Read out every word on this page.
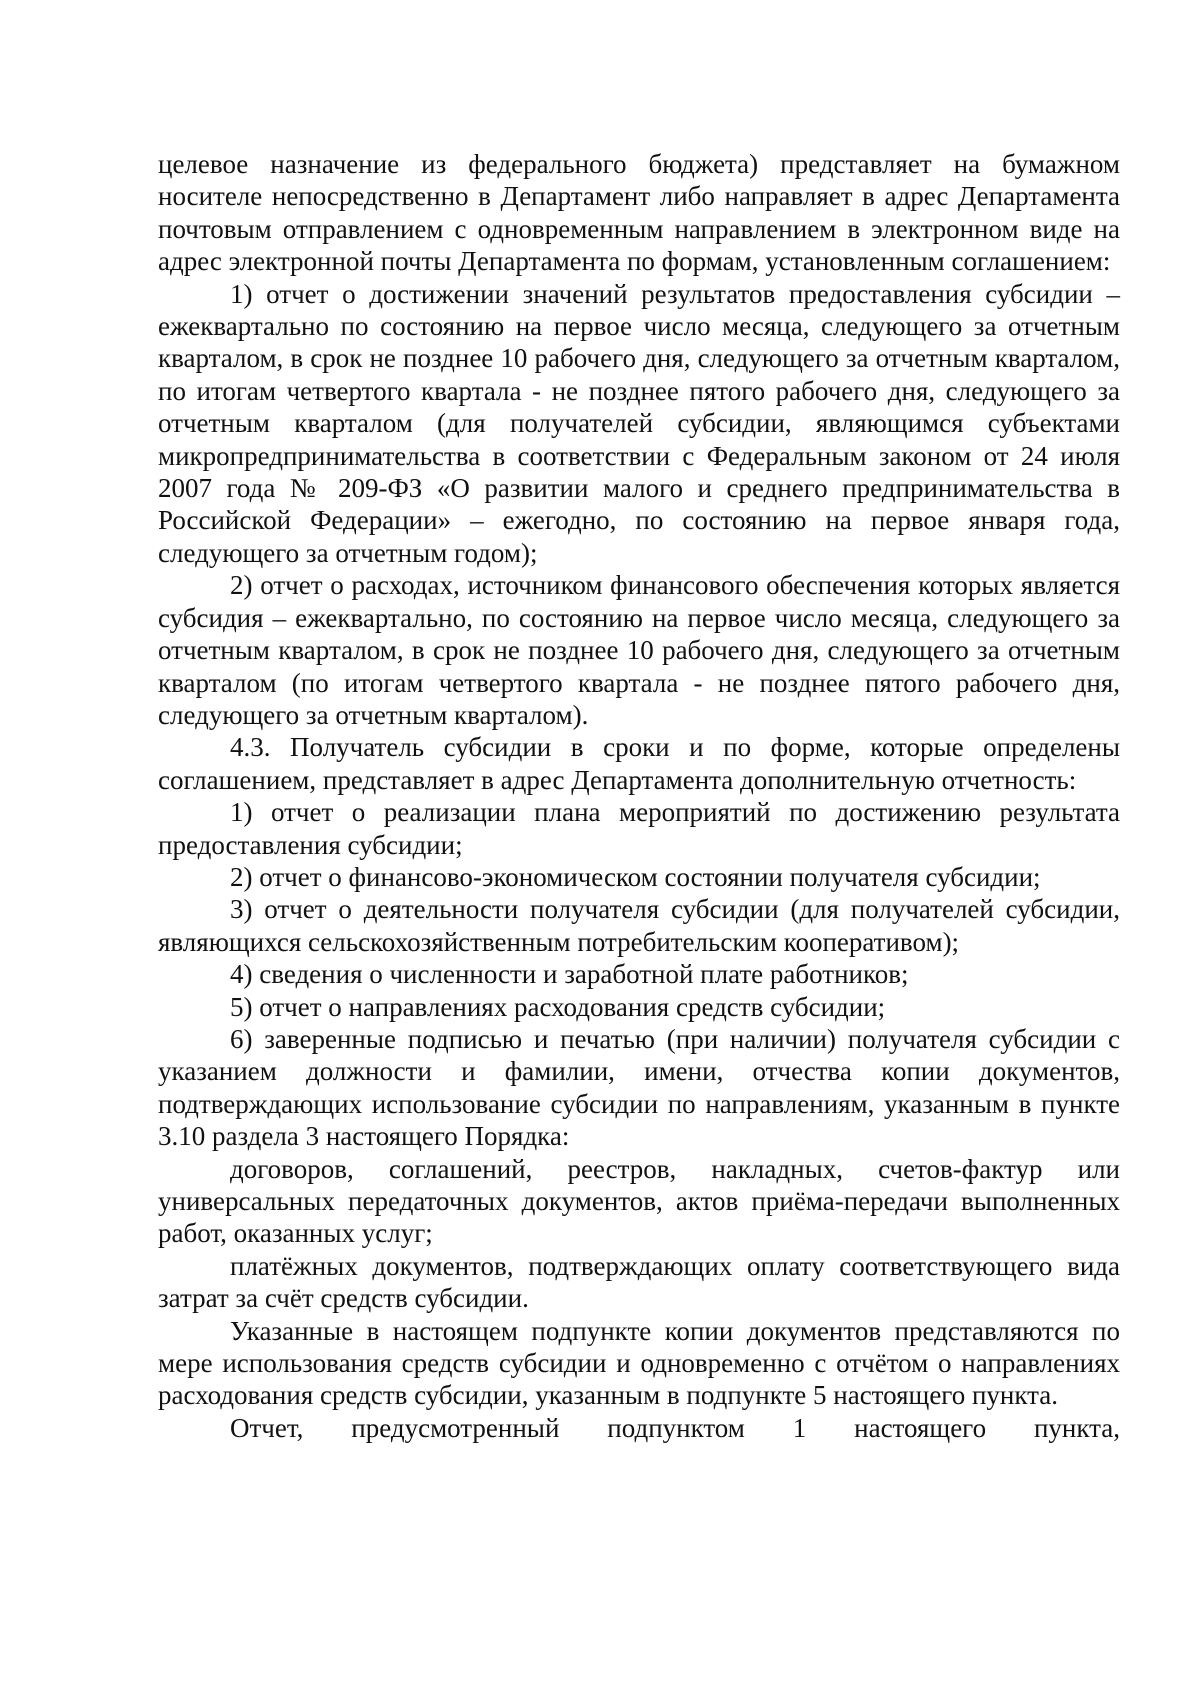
целевое назначение из федерального бюджета) представляет на бумажном носителе непосредственно в Департамент либо направляет в адрес Департамента почтовым отправлением с одновременным направлением в электронном виде на адрес электронной почты Департамента по формам, установленным соглашением:

1) отчет о достижении значений результатов предоставления субсидии – ежеквартально по состоянию на первое число месяца, следующего за отчетным кварталом, в срок не позднее 10 рабочего дня, следующего за отчетным кварталом, по итогам четвертого квартала - не позднее пятого рабочего дня, следующего за отчетным кварталом (для получателей субсидии, являющимся субъектами микропредпринимательства в соответствии с Федеральным законом от 24 июля 2007 года № 209-ФЗ «О развитии малого и среднего предпринимательства в Российской Федерации» – ежегодно, по состоянию на первое января года, следующего за отчетным годом);

2) отчет о расходах, источником финансового обеспечения которых является субсидия – ежеквартально, по состоянию на первое число месяца, следующего за отчетным кварталом, в срок не позднее 10 рабочего дня, следующего за отчетным кварталом (по итогам четвертого квартала - не позднее пятого рабочего дня, следующего за отчетным кварталом).

4.3. Получатель субсидии в сроки и по форме, которые определены соглашением, представляет в адрес Департамента дополнительную отчетность:

1) отчет о реализации плана мероприятий по достижению результата предоставления субсидии;

2) отчет о финансово-экономическом состоянии получателя субсидии;

3) отчет о деятельности получателя субсидии (для получателей субсидии, являющихся сельскохозяйственным потребительским кооперативом);

4) сведения о численности и заработной плате работников;

5) отчет о направлениях расходования средств субсидии;

6) заверенные подписью и печатью (при наличии) получателя субсидии с указанием должности и фамилии, имени, отчества копии документов, подтверждающих использование субсидии по направлениям, указанным в пункте 3.10 раздела 3 настоящего Порядка:

договоров, соглашений, реестров, накладных, счетов-фактур или универсальных передаточных документов, актов приёма-передачи выполненных работ, оказанных услуг;

платёжных документов, подтверждающих оплату соответствующего вида затрат за счёт средств субсидии.

Указанные в настоящем подпункте копии документов представляются по мере использования средств субсидии и одновременно с отчётом о направлениях расходования средств субсидии, указанным в подпункте 5 настоящего пункта.

Отчет, предусмотренный подпунктом 1 настоящего пункта,
